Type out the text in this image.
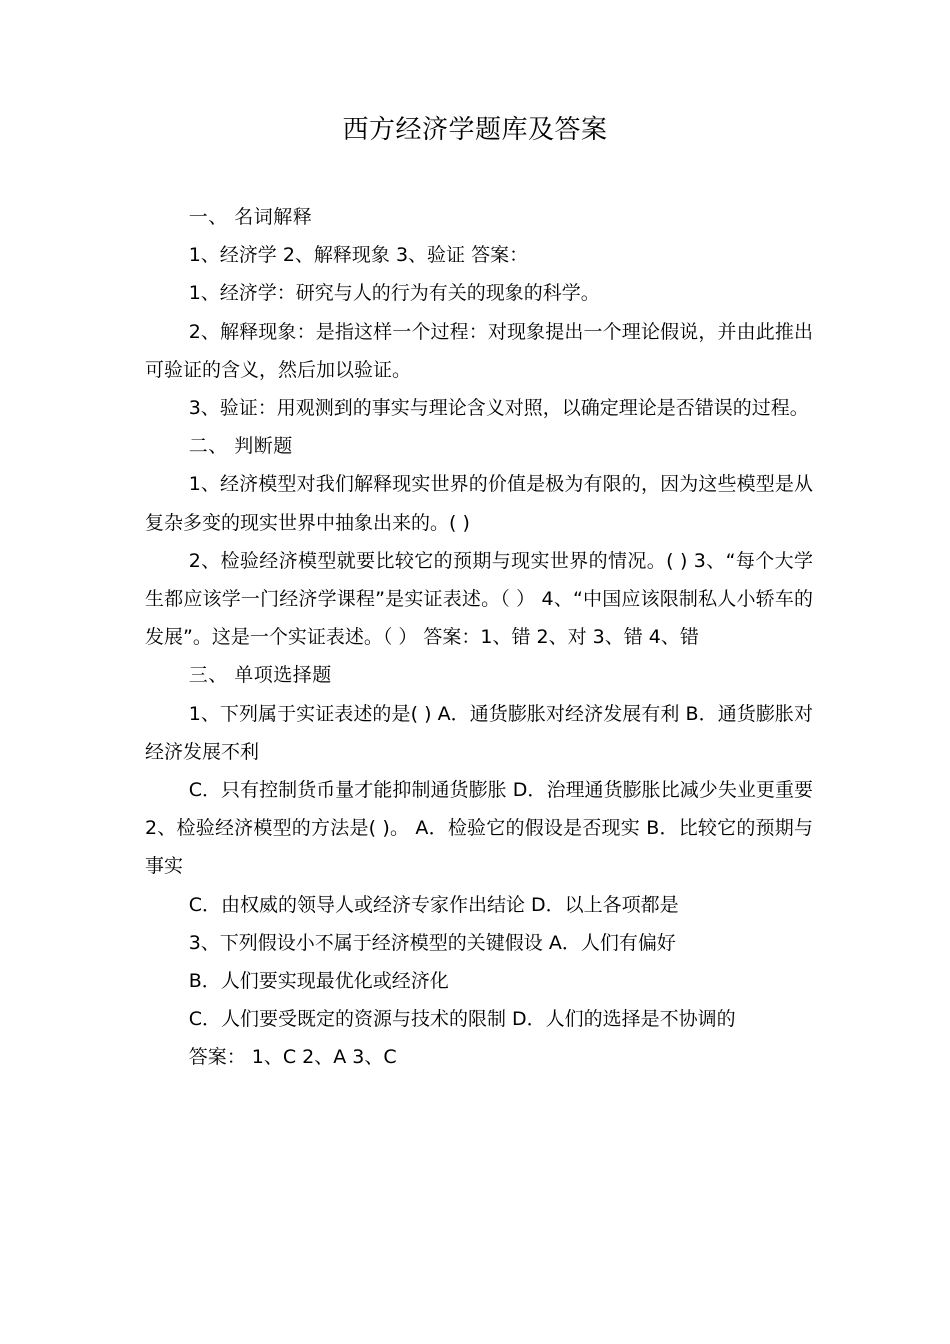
西方经济学题库及答案

一、 名词解释

1、经济学 2、解释现象 3、验证 答案：

1、经济学：研究与人的行为有关的现象的科学。

2、解释现象：是指这样一个过程：对现象提出一个理论假说，并由此推出可验证的含义，然后加以验证。

3、验证：用观测到的事实与理论含义对照，以确定理论是否错误的过程。

二、 判断题

1、经济模型对我们解释现实世界的价值是极为有限的，因为这些模型是从复杂多变的现实世界中抽象出来的。( )

2、检验经济模型就要比较它的预期与现实世界的情况。( ) 3、“每个大学生都应该学一门经济学课程”是实证表述。（ ） 4、“中国应该限制私人小轿车的发展”。这是一个实证表述。（ ） 答案：1、错 2、对 3、错 4、错

三、 单项选择题

1、下列属于实证表述的是( ) A．通货膨胀对经济发展有利 B．通货膨胀对经济发展不利

C．只有控制货币量才能抑制通货膨胀 D．治理通货膨胀比减少失业更重要 2、检验经济模型的方法是( )。 A．检验它的假设是否现实 B．比较它的预期与事实

C．由权威的领导人或经济专家作出结论 D．以上各项都是

3、下列假设小不属于经济模型的关键假设 A．人们有偏好

B．人们要实现最优化或经济化

C．人们要受既定的资源与技术的限制 D．人们的选择是不协调的

答案： 1、C 2、A 3、C
